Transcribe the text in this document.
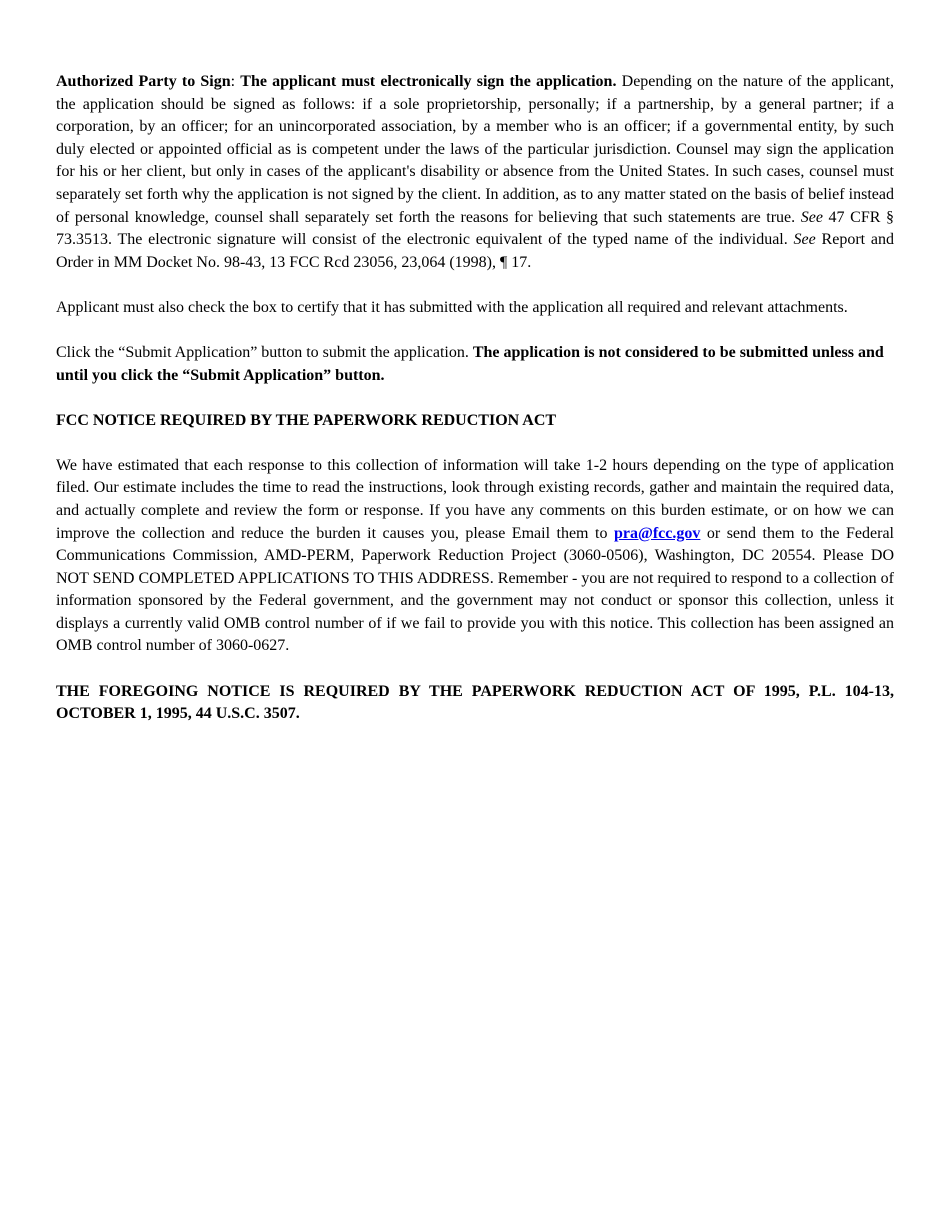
Authorized Party to Sign: The applicant must electronically sign the application. Depending on the nature of the applicant, the application should be signed as follows: if a sole proprietorship, personally; if a partnership, by a general partner; if a corporation, by an officer; for an unincorporated association, by a member who is an officer; if a governmental entity, by such duly elected or appointed official as is competent under the laws of the particular jurisdiction. Counsel may sign the application for his or her client, but only in cases of the applicant's disability or absence from the United States. In such cases, counsel must separately set forth why the application is not signed by the client. In addition, as to any matter stated on the basis of belief instead of personal knowledge, counsel shall separately set forth the reasons for believing that such statements are true. See 47 CFR § 73.3513. The electronic signature will consist of the electronic equivalent of the typed name of the individual. See Report and Order in MM Docket No. 98-43, 13 FCC Rcd 23056, 23,064 (1998), ¶ 17.

Applicant must also check the box to certify that it has submitted with the application all required and relevant attachments.

Click the “Submit Application” button to submit the application. The application is not considered to be submitted unless and until you click the “Submit Application” button.

FCC NOTICE REQUIRED BY THE PAPERWORK REDUCTION ACT

We have estimated that each response to this collection of information will take 1-2 hours depending on the type of application filed. Our estimate includes the time to read the instructions, look through existing records, gather and maintain the required data, and actually complete and review the form or response. If you have any comments on this burden estimate, or on how we can improve the collection and reduce the burden it causes you, please Email them to pra@fcc.gov or send them to the Federal Communications Commission, AMD-PERM, Paperwork Reduction Project (3060-0506), Washington, DC 20554. Please DO NOT SEND COMPLETED APPLICATIONS TO THIS ADDRESS. Remember - you are not required to respond to a collection of information sponsored by the Federal government, and the government may not conduct or sponsor this collection, unless it displays a currently valid OMB control number of if we fail to provide you with this notice. This collection has been assigned an OMB control number of 3060-0627.

THE FOREGOING NOTICE IS REQUIRED BY THE PAPERWORK REDUCTION ACT OF 1995, P.L. 104-13, OCTOBER 1, 1995, 44 U.S.C. 3507.
